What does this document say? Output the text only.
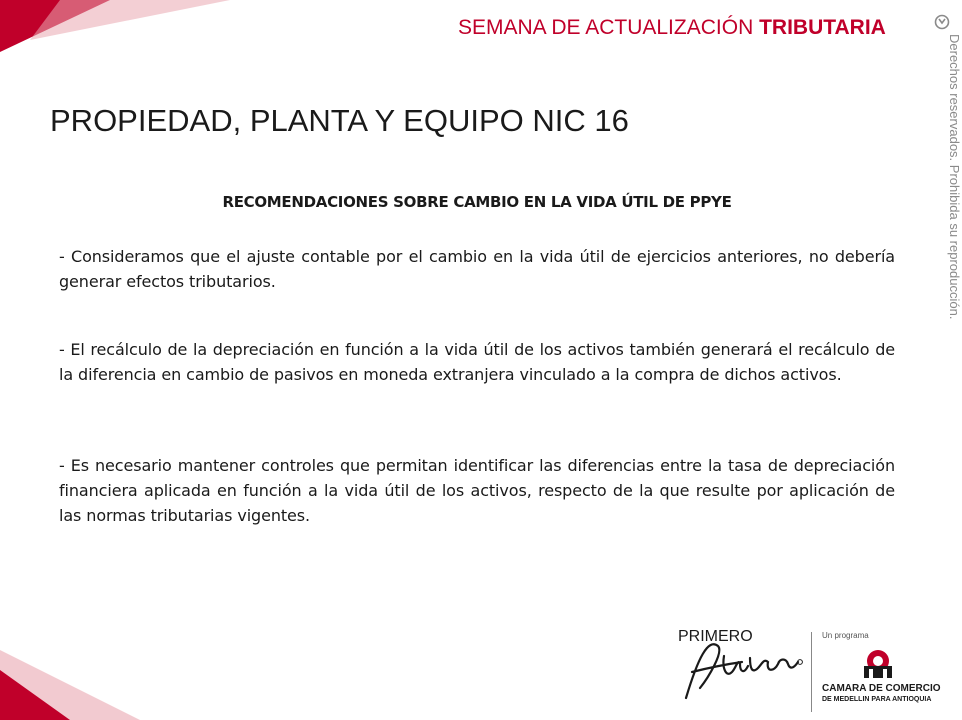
SEMANA DE ACTUALIZACIÓN TRIBUTARIA
Derechos reservados. Prohibida su reproducción.
PROPIEDAD, PLANTA Y EQUIPO NIC 16
RECOMENDACIONES SOBRE CAMBIO EN LA VIDA ÚTIL DE PPYE
- Consideramos que el ajuste contable por el cambio en la vida útil de ejercicios anteriores, no debería generar efectos tributarios.
- El recálculo de la depreciación en función a la vida útil de los activos también generará el recálculo de la diferencia en cambio de pasivos en moneda extranjera vinculado a la compra de dichos activos.
- Es necesario mantener controles que permitan identificar las diferencias entre la tasa de depreciación financiera aplicada en función a la vida útil de los activos, respecto de la que resulte por aplicación de las normas tributarias vigentes.
PRIMERO	Un programa
CAMARA DE COMERCIO
DE MEDELLIN PARA ANTIOQUIA
